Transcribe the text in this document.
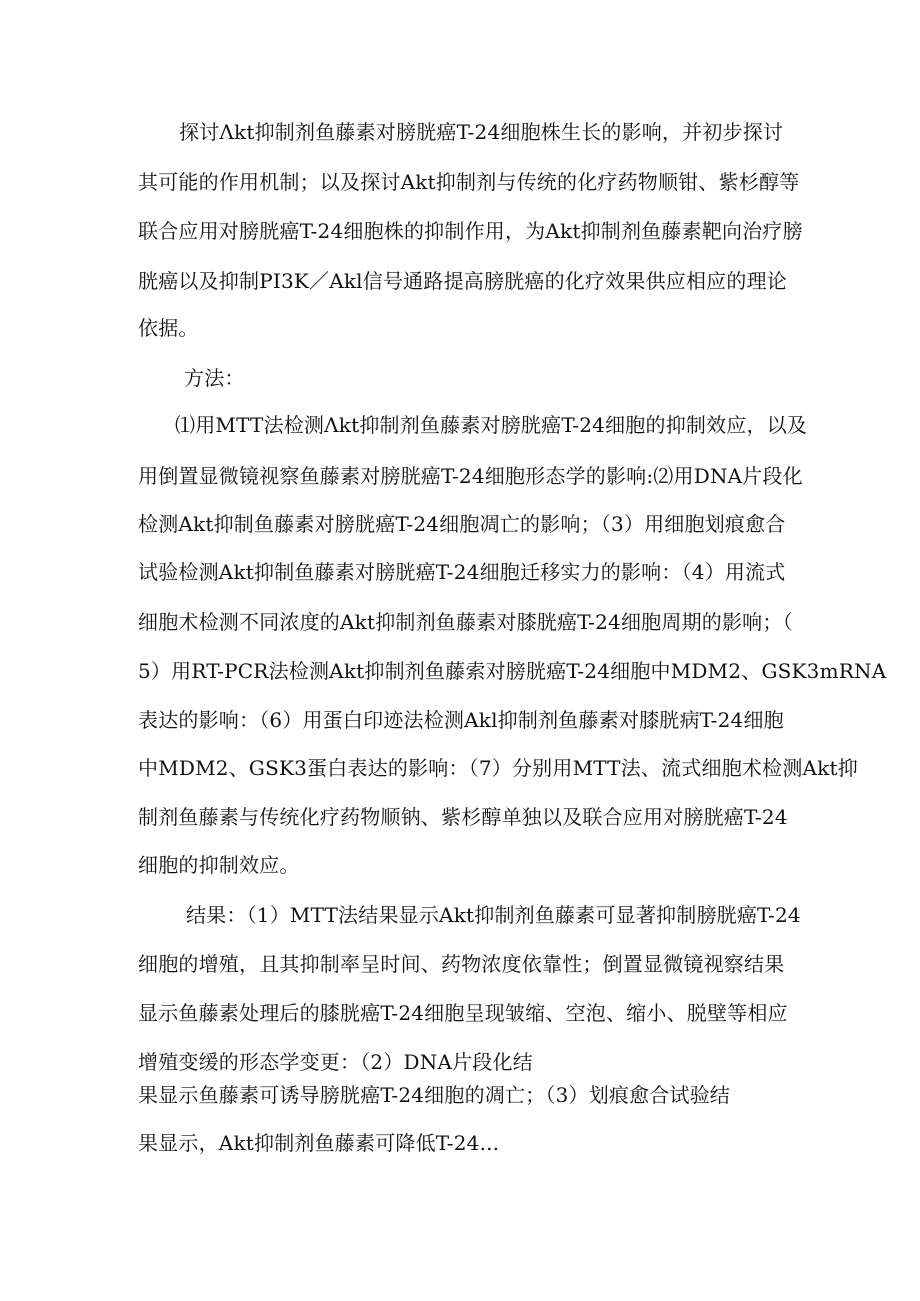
探讨Λkt抑制剂鱼藤素对膀胱癌T-24细胞株生长的影响，并初步探讨
其可能的作用机制；以及探讨Akt抑制剂与传统的化疗药物顺钳、紫杉醇等
联合应用对膀胱癌T-24细胞株的抑制作用，为Akt抑制剂鱼藤素靶向治疗膀
胱癌以及抑制PI3K／Akl信号通路提高膀胱癌的化疗效果供应相应的理论
依据。
方法：
⑴用MTT法检测Λkt抑制剂鱼藤素对膀胱癌T-24细胞的抑制效应，以及
用倒置显微镜视察鱼藤素对膀胱癌T-24细胞形态学的影响:⑵用DNA片段化
检测Akt抑制鱼藤素对膀胱癌T-24细胞凋亡的影响；（3）用细胞划痕愈合
试验检测Akt抑制鱼藤素对膀胱癌T-24细胞迁移实力的影响：（4）用流式
细胞术检测不同浓度的Akt抑制剂鱼藤素对膝胱癌T-24细胞周期的影响；（
5）用RT-PCR法检测Akt抑制剂鱼藤索对膀胱癌T-24细胞中MDM2、GSK3mRNA
表达的影响：（6）用蛋白印迹法检测Akl抑制剂鱼藤素对膝胱病T-24细胞
中MDM2、GSK3蛋白表达的影响：（7）分别用MTT法、流式细胞术检测Akt抑
制剂鱼藤素与传统化疗药物顺钠、紫杉醇单独以及联合应用对膀胱癌T-24
细胞的抑制效应。
结果：（1）MTT法结果显示Akt抑制剂鱼藤素可显著抑制膀胱癌T-24
细胞的增殖，且其抑制率呈时间、药物浓度依靠性；倒置显微镜视察结果
显示鱼藤素处理后的膝胱癌T-24细胞呈现皱缩、空泡、缩小、脱壁等相应
增殖变缓的形态学变更：（2）DNA片段化结
果显示鱼藤素可诱导膀胱癌T-24细胞的凋亡；（3）划痕愈合试验结
果显示，Akt抑制剂鱼藤素可降低T-24...
